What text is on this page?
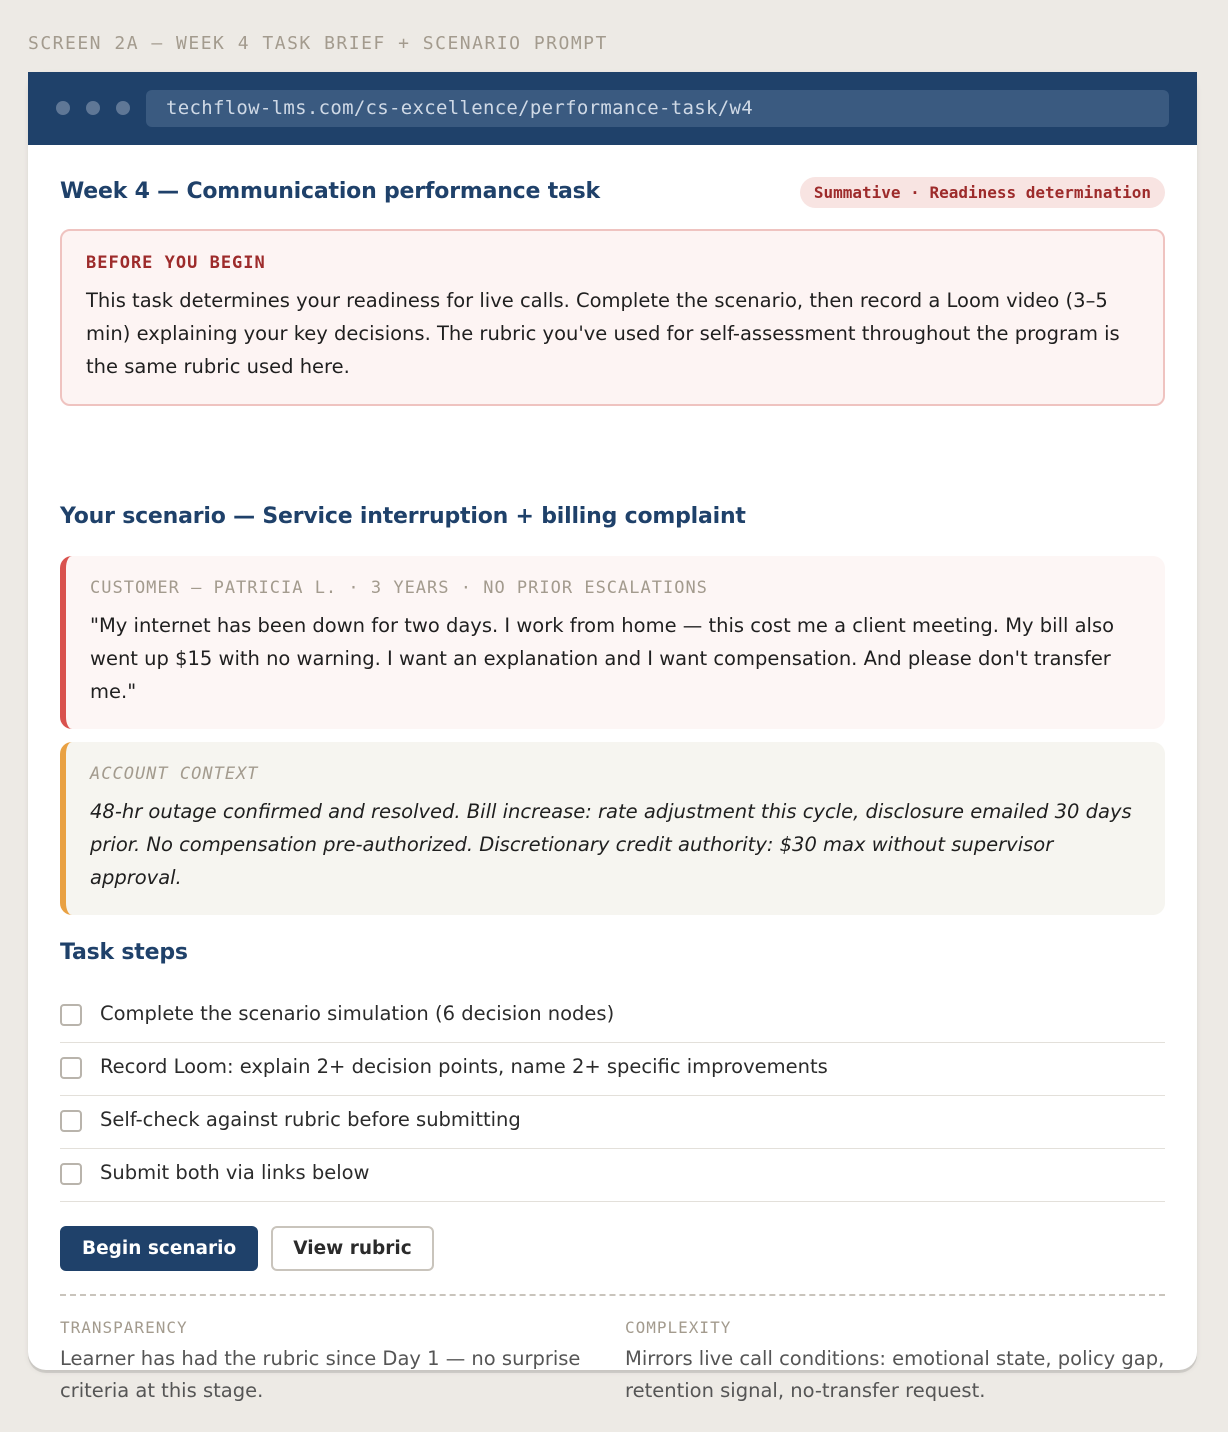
SCREEN 2A — WEEK 4 TASK BRIEF + SCENARIO PROMPT
techflow-lms.com/cs-excellence/performance-task/w4
Week 4 — Communication performance task	Summative · Readiness determination
BEFORE YOU BEGIN
This task determines your readiness for live calls. Complete the scenario, then record a Loom video (3–5 min) explaining your key decisions. The rubric you've used for self-assessment throughout the program is the same rubric used here.
Your scenario — Service interruption + billing complaint
CUSTOMER — PATRICIA L. · 3 YEARS · NO PRIOR ESCALATIONS
"My internet has been down for two days. I work from home — this cost me a client meeting. My bill also went up $15 with no warning. I want an explanation and I want compensation. And please don't transfer me."
ACCOUNT CONTEXT
48-hr outage confirmed and resolved. Bill increase: rate adjustment this cycle, disclosure emailed 30 days prior. No compensation pre-authorized. Discretionary credit authority: $30 max without supervisor approval.
Task steps
Complete the scenario simulation (6 decision nodes)
Record Loom: explain 2+ decision points, name 2+ specific improvements
Self-check against rubric before submitting
Submit both via links below
Begin scenario	View rubric
TRANSPARENCY
Learner has had the rubric since Day 1 — no surprise criteria at this stage.
COMPLEXITY
Mirrors live call conditions: emotional state, policy gap, retention signal, no-transfer request.
